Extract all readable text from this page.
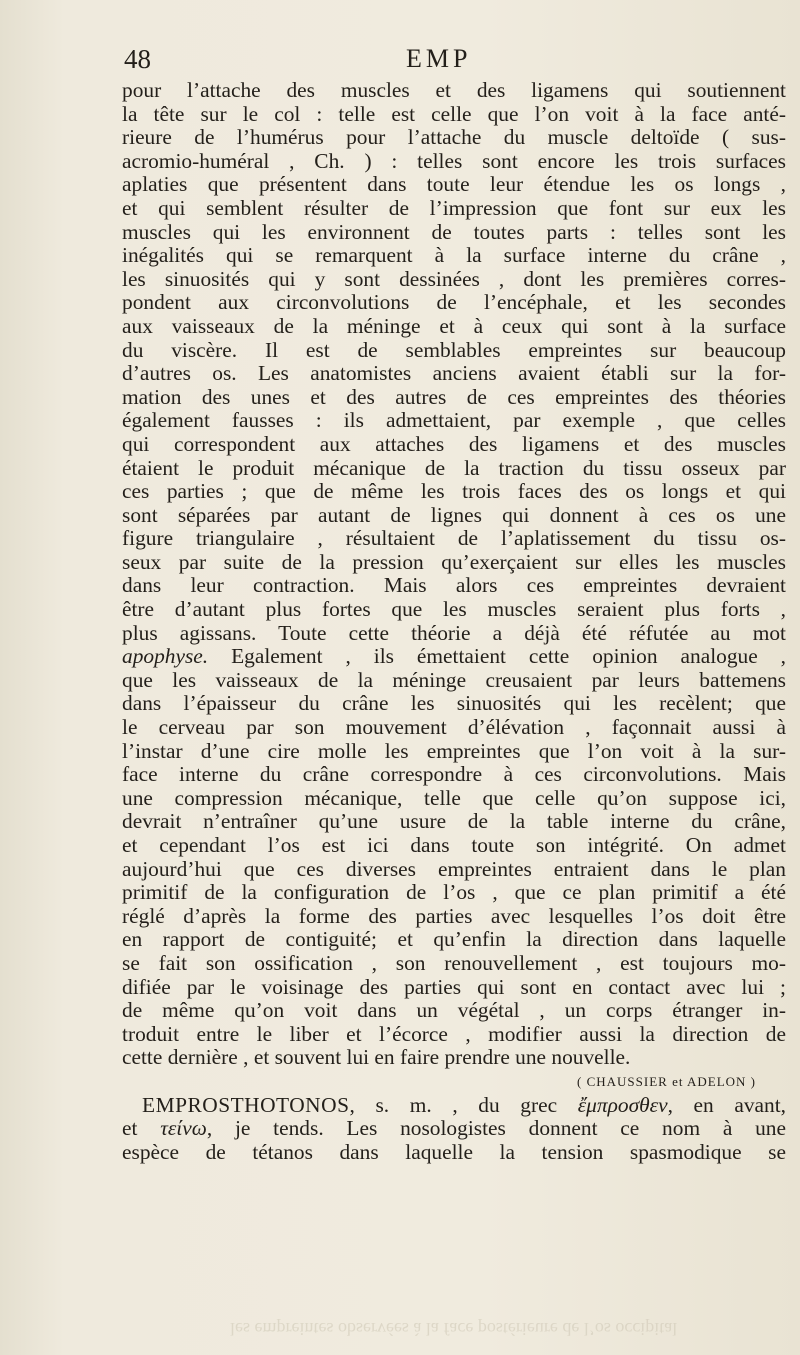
48	EMP
pour l’attache des muscles et des ligamens qui soutiennent
la tête sur le col : telle est celle que l’on voit à la face anté-
rieure de l’humérus pour l’attache du muscle deltoïde ( sus-
acromio-huméral , Ch. ) : telles sont encore les trois surfaces
aplaties que présentent dans toute leur étendue les os longs ,
et qui semblent résulter de l’impression que font sur eux les
muscles qui les environnent de toutes parts : telles sont les
inégalités qui se remarquent à la surface interne du crâne ,
les sinuosités qui y sont dessinées , dont les premières corres-
pondent aux circonvolutions de l’encéphale, et les secondes
aux vaisseaux de la méninge et à ceux qui sont à la surface
du viscère. Il est de semblables empreintes sur beaucoup
d’autres os. Les anatomistes anciens avaient établi sur la for-
mation des unes et des autres de ces empreintes des théories
également fausses : ils admettaient, par exemple , que celles
qui correspondent aux attaches des ligamens et des muscles
étaient le produit mécanique de la traction du tissu osseux par
ces parties ; que de même les trois faces des os longs et qui
sont séparées par autant de lignes qui donnent à ces os une
figure triangulaire , résultaient de l’aplatissement du tissu os-
seux par suite de la pression qu’exerçaient sur elles les muscles
dans leur contraction. Mais alors ces empreintes devraient
être d’autant plus fortes que les muscles seraient plus forts ,
plus agissans. Toute cette théorie a déjà été réfutée au mot
apophyse. Egalement , ils émettaient cette opinion analogue ,
que les vaisseaux de la méninge creusaient par leurs battemens
dans l’épaisseur du crâne les sinuosités qui les recèlent; que
le cerveau par son mouvement d’élévation , façonnait aussi à
l’instar d’une cire molle les empreintes que l’on voit à la sur-
face interne du crâne correspondre à ces circonvolutions. Mais
une compression mécanique, telle que celle qu’on suppose ici,
devrait n’entraîner qu’une usure de la table interne du crâne,
et cependant l’os est ici dans toute son intégrité. On admet
aujourd’hui que ces diverses empreintes entraient dans le plan
primitif de la configuration de l’os , que ce plan primitif a été
réglé d’après la forme des parties avec lesquelles l’os doit être
en rapport de contiguité; et qu’enfin la direction dans laquelle
se fait son ossification , son renouvellement , est toujours mo-
difiée par le voisinage des parties qui sont en contact avec lui ;
de même qu’on voit dans un végétal , un corps étranger in-
troduit entre le liber et l’écorce , modifier aussi la direction de
cette dernière , et souvent lui en faire prendre une nouvelle.
( CHAUSSIER et ADELON )
EMPROSTHOTONOS, s. m. , du grec ἔμπροσθεν, en avant,
et τείνω, je tends. Les nosologistes donnent ce nom à une
espèce de tétanos dans laquelle la tension spasmodique se
les empreintes observées à la face postérieure de l’os occipital
